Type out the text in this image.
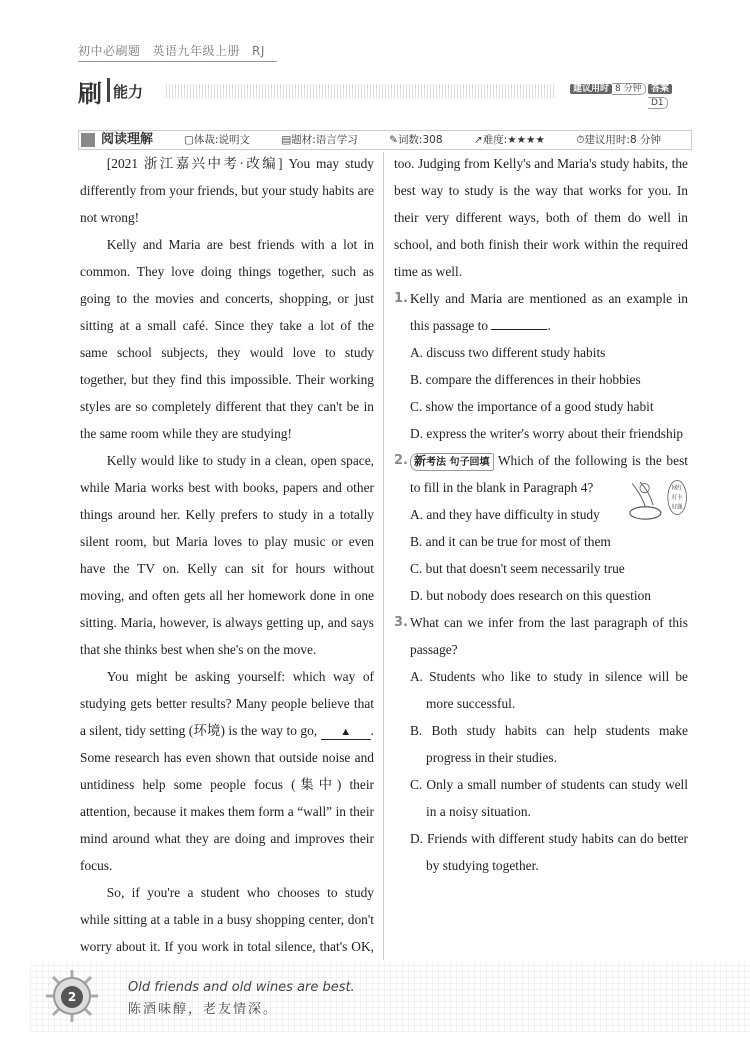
初中必刷题 英语九年级上册 RJ
刷 能力	建议用时 8 分钟	答案D1
阅读理解	▢体裁:说明文	▤题材:语言学习	✎词数:308	↗难度:★★★★	⏱建议用时:8 分钟

[2021 浙江嘉兴中考·改编] You may study differently from your friends, but your study habits are not wrong!

Kelly and Maria are best friends with a lot in common. They love doing things together, such as going to the movies and concerts, shopping, or just sitting at a small café. Since they take a lot of the same school subjects, they would love to study together, but they find this impossible. Their working styles are so completely different that they can't be in the same room while they are studying!

Kelly would like to study in a clean, open space, while Maria works best with books, papers and other things around her. Kelly prefers to study in a totally silent room, but Maria loves to play music or even have the TV on. Kelly can sit for hours without moving, and often gets all her homework done in one sitting. Maria, however, is always getting up, and says that she thinks best when she's on the move.

You might be asking yourself: which way of studying gets better results? Many people believe that a silent, tidy setting (环境) is the way to go, ▲ . Some research has even shown that outside noise and untidiness help some people focus (集中) their attention, because it makes them form a “wall” in their mind around what they are doing and improves their focus.

So, if you're a student who chooses to study while sitting at a table in a busy shopping center, don't worry about it. If you work in total silence, that's OK, too. Judging from Kelly's and Maria's study habits, the best way to study is the way that works for you. In their very different ways, both of them do well in school, and both finish their work within the required time as well.

1. Kelly and Maria are mentioned as an example in this passage to	.
A. discuss two different study habits
B. compare the differences in their hobbies
C. show the importance of a good study habit
D. express the writer's worry about their friendship
网红
打卡
好题
2. 新考法 句子回填 Which of the following is the best to fill in the blank in Paragraph 4?
A. and they have difficulty in study
B. and it can be true for most of them
C. but that doesn't seem necessarily true
D. but nobody does research on this question
3. What can we infer from the last paragraph of this passage?
A. Students who like to study in silence will be more successful.
B. Both study habits can help students make progress in their studies.
C. Only a small number of students can study well in a noisy situation.
D. Friends with different study habits can do better by studying together.
2
Old friends and old wines are best.
陈酒味醇，老友情深。
